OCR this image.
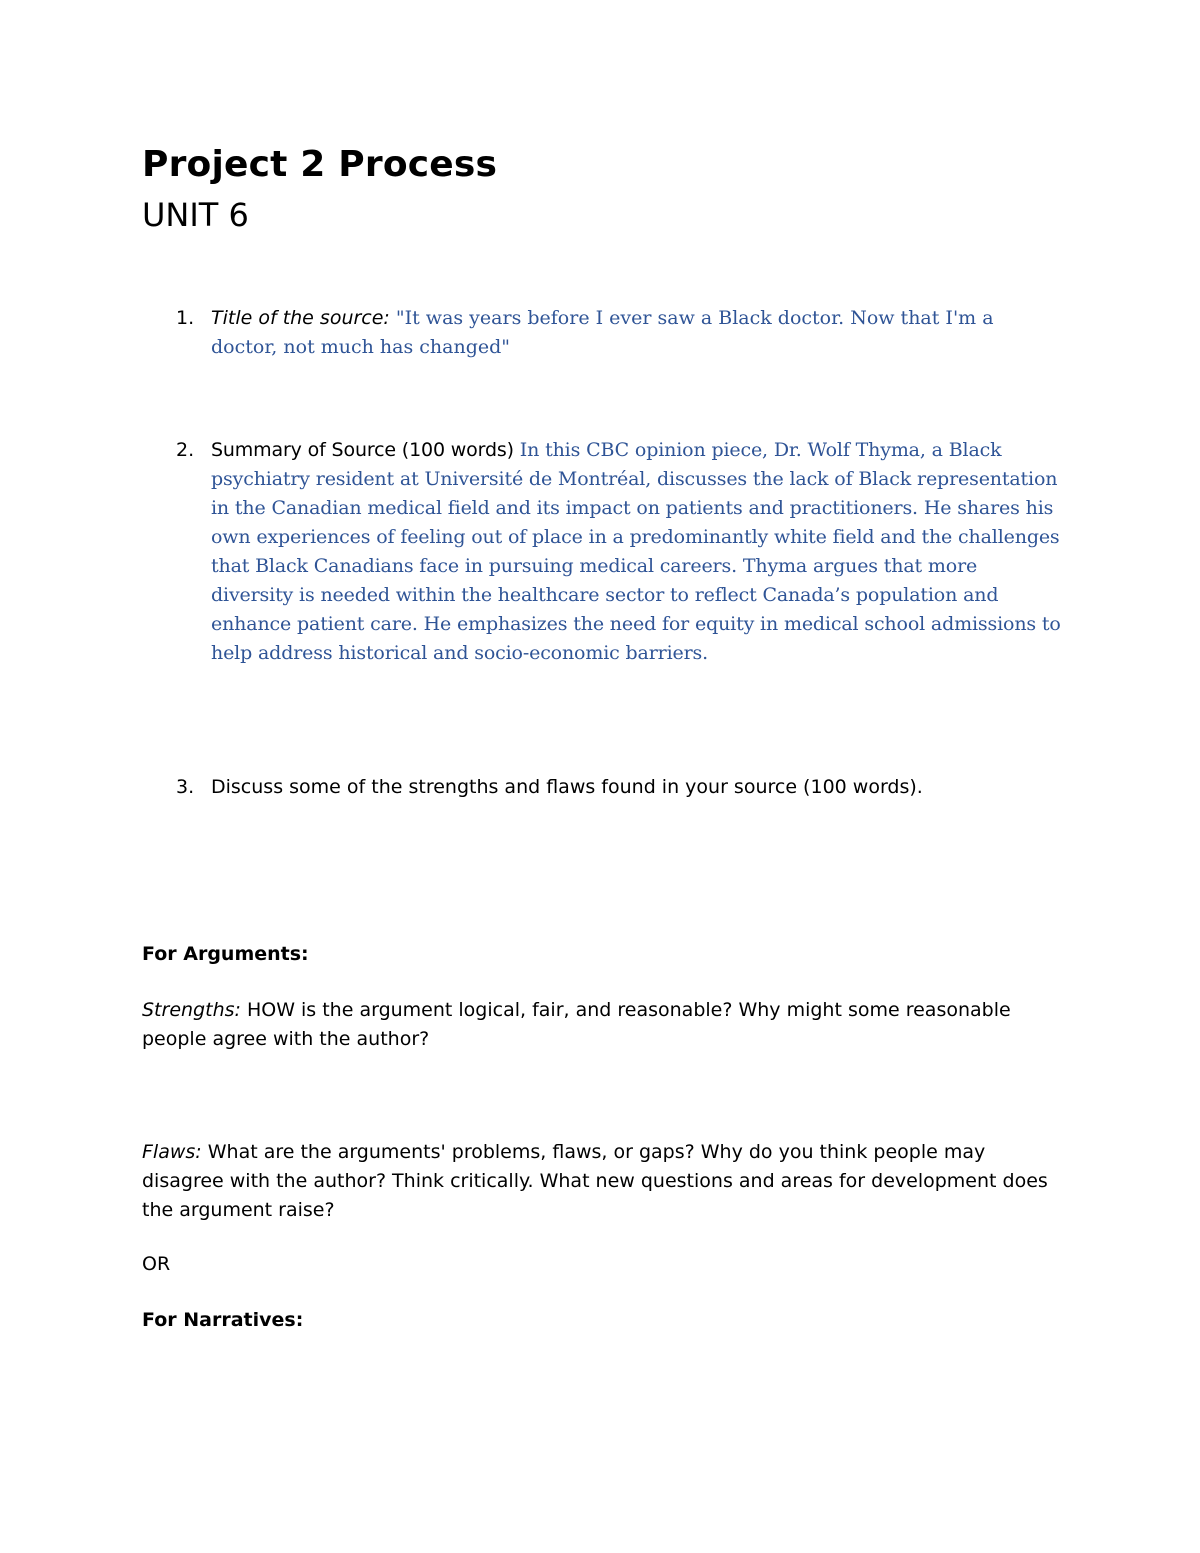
Project 2 Process
UNIT 6
1. Title of the source: "It was years before I ever saw a Black doctor. Now that I'm a doctor, not much has changed"
2. Summary of Source (100 words) In this CBC opinion piece, Dr. Wolf Thyma, a Black psychiatry resident at Université de Montréal, discusses the lack of Black representation in the Canadian medical field and its impact on patients and practitioners. He shares his own experiences of feeling out of place in a predominantly white field and the challenges that Black Canadians face in pursuing medical careers. Thyma argues that more diversity is needed within the healthcare sector to reflect Canada’s population and enhance patient care. He emphasizes the need for equity in medical school admissions to help address historical and socio-economic barriers.
3. Discuss some of the strengths and flaws found in your source (100 words).
For Arguments:
Strengths: HOW is the argument logical, fair, and reasonable? Why might some reasonable people agree with the author?
Flaws: What are the arguments' problems, flaws, or gaps? Why do you think people may disagree with the author? Think critically. What new questions and areas for development does the argument raise?
OR
For Narratives:
